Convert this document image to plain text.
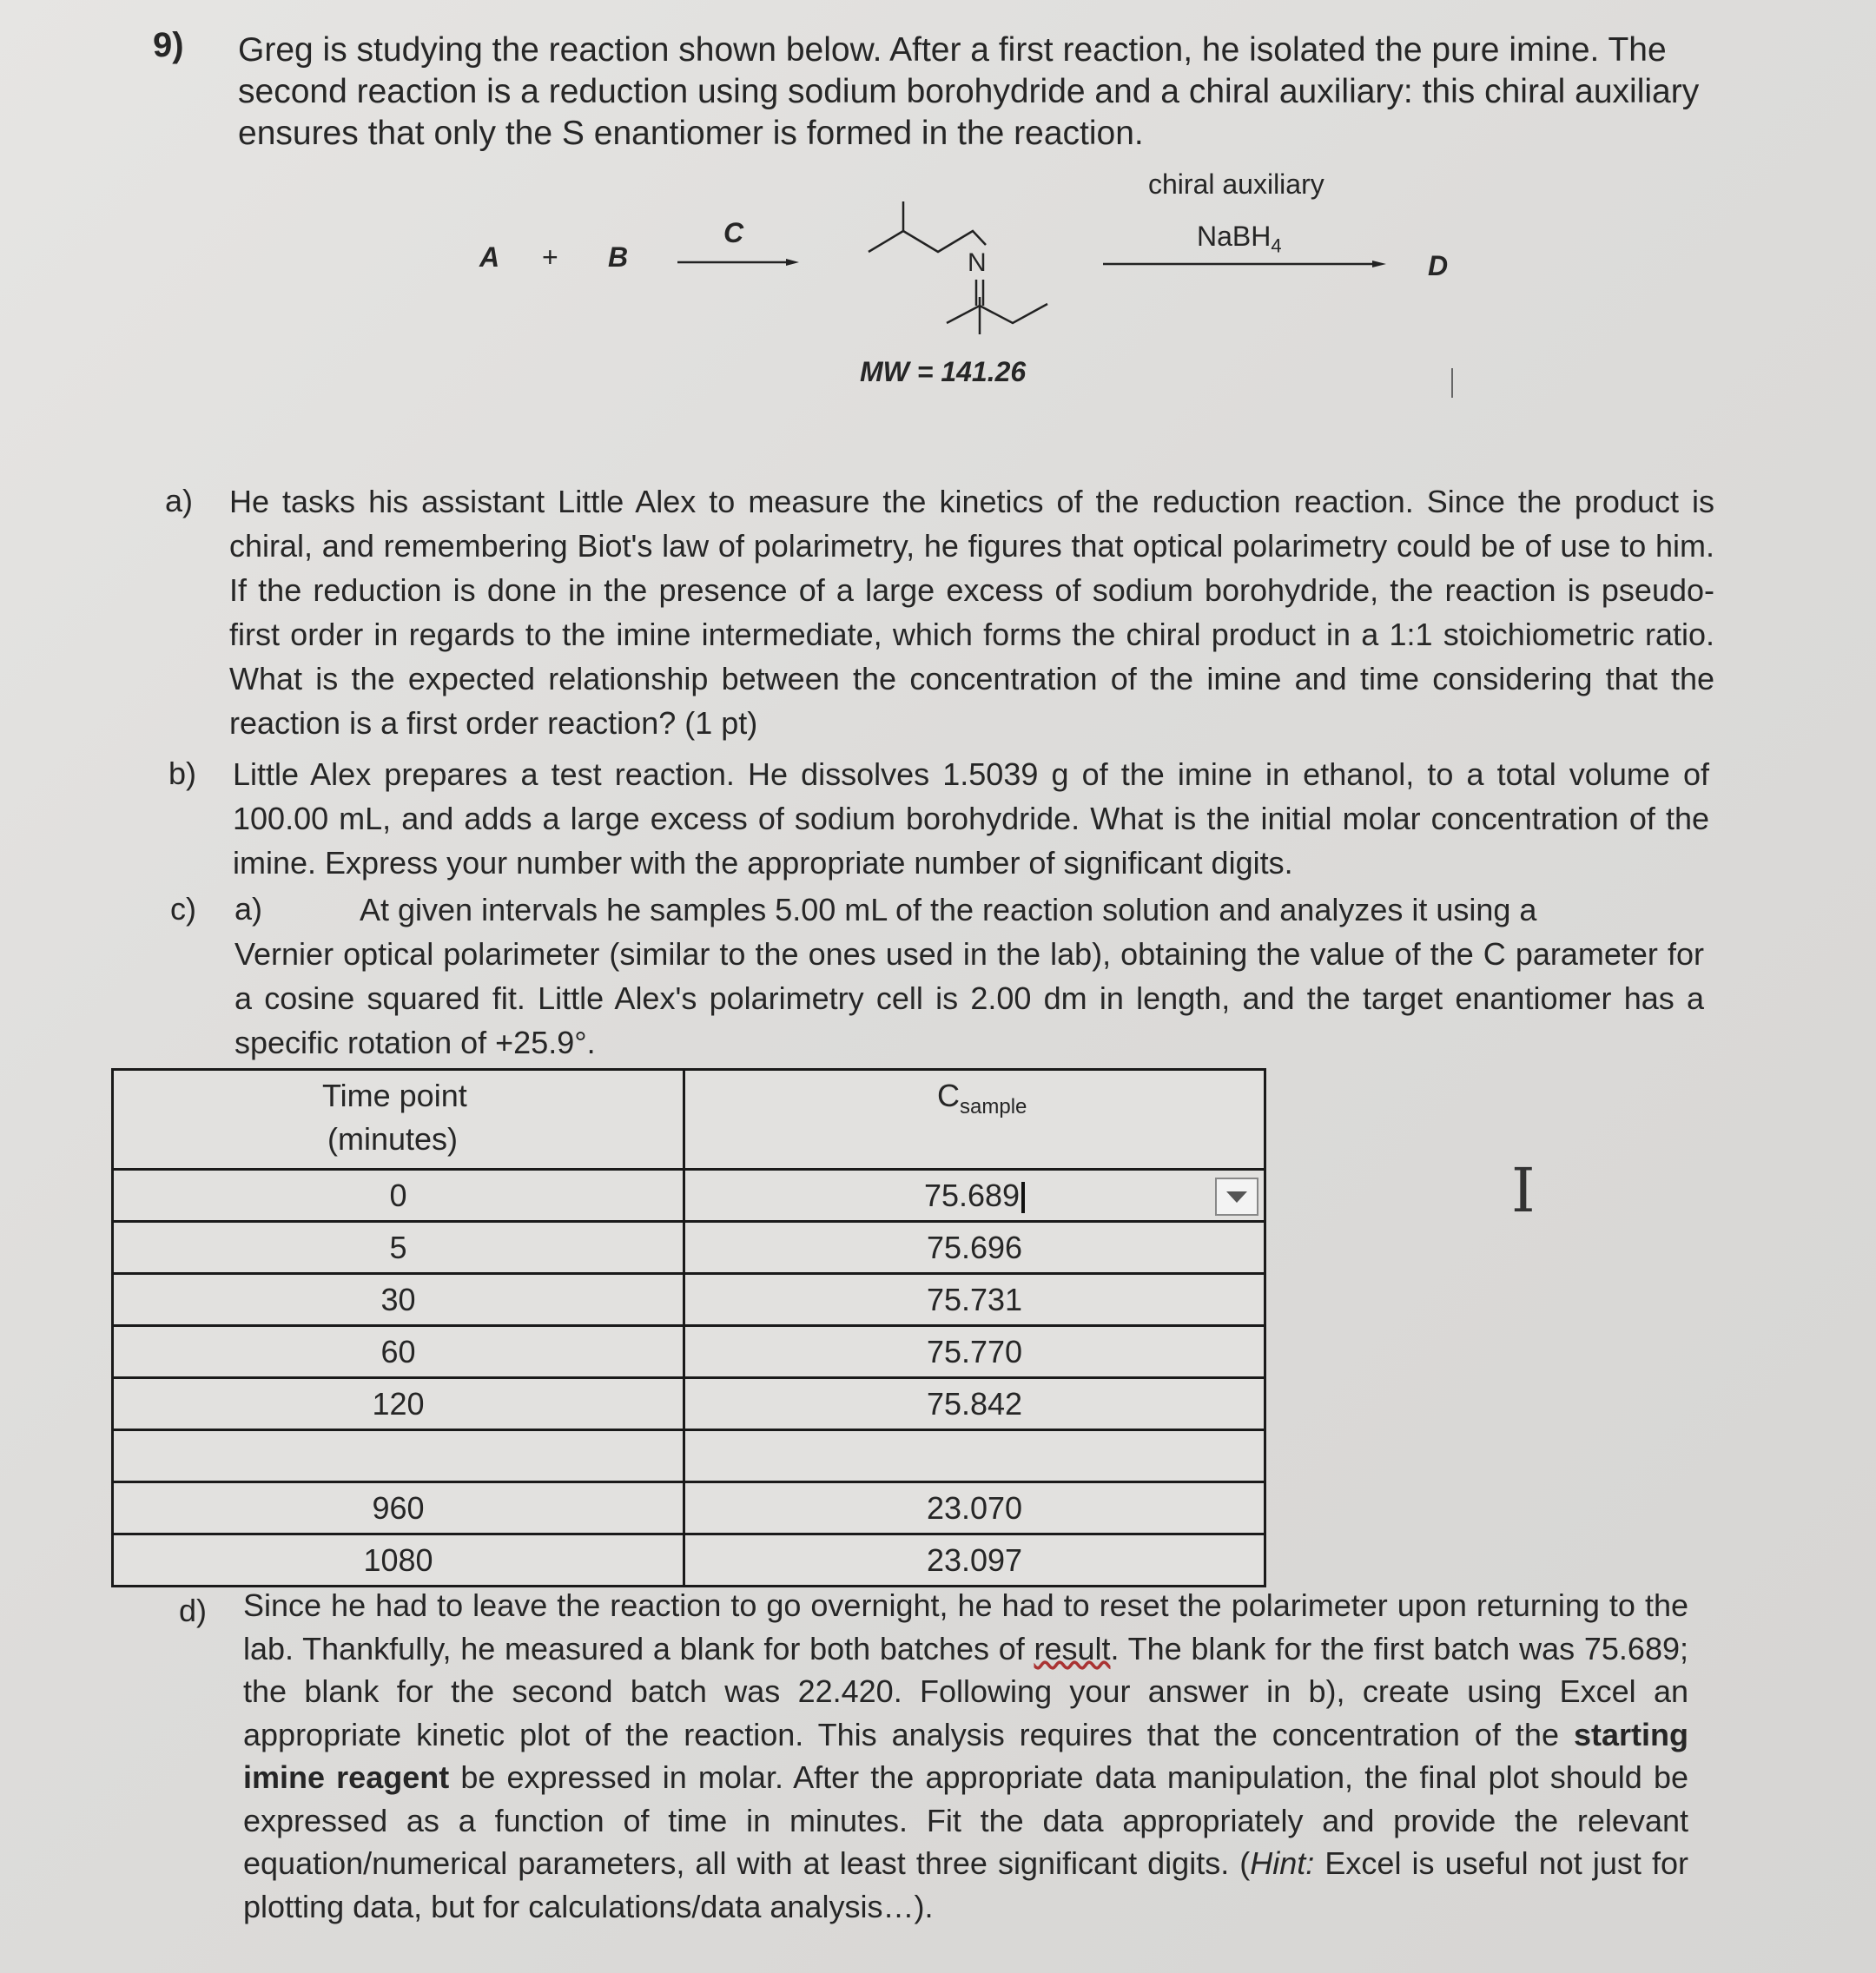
9) Greg is studying the reaction shown below. After a first reaction, he isolated the pure imine. The second reaction is a reduction using sodium borohydride and a chiral auxiliary: this chiral auxiliary ensures that only the S enantiomer is formed in the reaction.
A + B
C
N
MW = 141.26
chiral auxiliary
NaBH$_4$
D
a) He tasks his assistant Little Alex to measure the kinetics of the reduction reaction. Since the product is chiral, and remembering Biot's law of polarimetry, he figures that optical polarimetry could be of use to him. If the reduction is done in the presence of a large excess of sodium borohydride, the reaction is pseudo-first order in regards to the imine intermediate, which forms the chiral product in a 1:1 stoichiometric ratio. What is the expected relationship between the concentration of the imine and time considering that the reaction is a first order reaction? (1 pt)
b) Little Alex prepares a test reaction. He dissolves 1.5039 g of the imine in ethanol, to a total volume of 100.00 mL, and adds a large excess of sodium borohydride. What is the initial molar concentration of the imine. Express your number with the appropriate number of significant digits.
c) a)	At given intervals he samples 5.00 mL of the reaction solution and analyzes it using a
Vernier optical polarimeter (similar to the ones used in the lab), obtaining the value of the C parameter for a cosine squared fit. Little Alex's polarimetry cell is 2.00 dm in length, and the target enantiomer has a specific rotation of +25.9°.
Time point
(minutes)	$C_{sample}$

0	75.689

5	75.696
30	75.731
60	75.770
120	75.842

960	23.070
1080	23.097
I
d) Since he had to leave the reaction to go overnight, he had to reset the polarimeter upon returning to the lab. Thankfully, he measured a blank for both batches of result. The blank for the first batch was 75.689; the blank for the second batch was 22.420. Following your answer in b), create using Excel an appropriate kinetic plot of the reaction. This analysis requires that the concentration of the starting imine reagent be expressed in molar. After the appropriate data manipulation, the final plot should be expressed as a function of time in minutes. Fit the data appropriately and provide the relevant equation/numerical parameters, all with at least three significant digits. (Hint: Excel is useful not just for plotting data, but for calculations/data analysis…).
